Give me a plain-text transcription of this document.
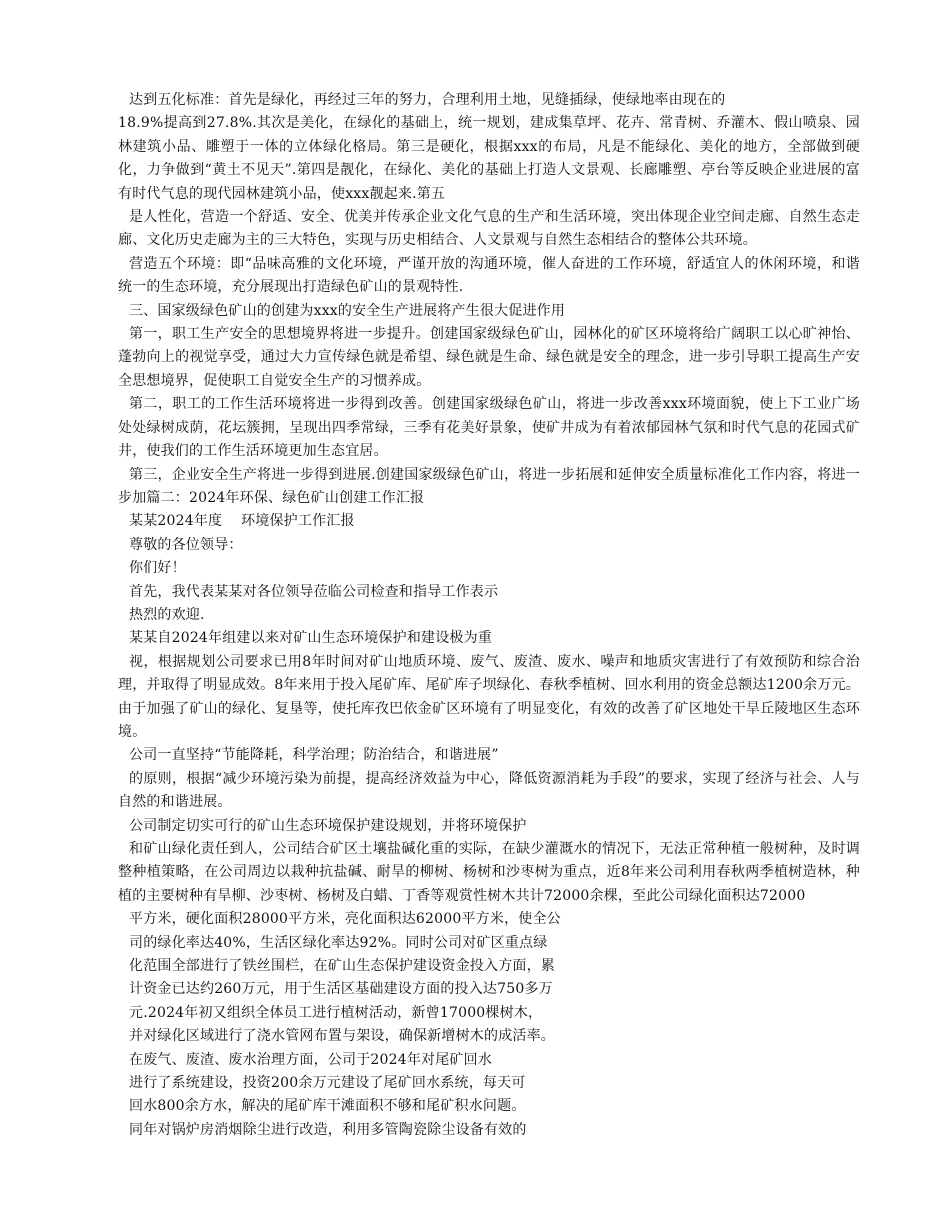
达到五化标准：首先是绿化，再经过三年的努力，合理利用土地，见缝插绿，使绿地率由现在的

18.9%提高到27.8%.其次是美化，在绿化的基础上，统一规划，建成集草坪、花卉、常青树、乔灌木、假山喷泉、园林建筑小品、雕塑于一体的立体绿化格局。第三是硬化，根据xxx的布局，凡是不能绿化、美化的地方，全部做到硬化，力争做到“黄土不见天”.第四是靓化，在绿化、美化的基础上打造人文景观、长廊雕塑、亭台等反映企业进展的富有时代气息的现代园林建筑小品，使xxx靓起来.第五

是人性化，营造一个舒适、安全、优美并传承企业文化气息的生产和生活环境，突出体现企业空间走廊、自然生态走廊、文化历史走廊为主的三大特色，实现与历史相结合、人文景观与自然生态相结合的整体公共环境。

营造五个环境：即“品味高雅的文化环境，严谨开放的沟通环境，催人奋进的工作环境，舒适宜人的休闲环境，和谐统一的生态环境，充分展现出打造绿色矿山的景观特性.

三、国家级绿色矿山的创建为xxx的安全生产进展将产生很大促进作用

第一，职工生产安全的思想境界将进一步提升。创建国家级绿色矿山，园林化的矿区环境将给广阔职工以心旷神怡、蓬勃向上的视觉享受，通过大力宣传绿色就是希望、绿色就是生命、绿色就是安全的理念，进一步引导职工提高生产安全思想境界，促使职工自觉安全生产的习惯养成。

第二，职工的工作生活环境将进一步得到改善。创建国家级绿色矿山，将进一步改善xxx环境面貌，使上下工业广场处处绿树成荫，花坛簇拥，呈现出四季常绿，三季有花美好景象，使矿井成为有着浓郁园林气氛和时代气息的花园式矿井，使我们的工作生活环境更加生态宜居。

第三，企业安全生产将进一步得到进展.创建国家级绿色矿山，将进一步拓展和延伸安全质量标准化工作内容，将进一步加篇二：2024年环保、绿色矿山创建工作汇报

某某2024年度　 环境保护工作汇报

尊敬的各位领导：

你们好！

首先，我代表某某对各位领导莅临公司检查和指导工作表示

热烈的欢迎.

某某自2024年组建以来对矿山生态环境保护和建设极为重

视，根据规划公司要求已用8年时间对矿山地质环境、废气、废渣、废水、噪声和地质灾害进行了有效预防和综合治理，并取得了明显成效。8年来用于投入尾矿库、尾矿库子坝绿化、春秋季植树、回水利用的资金总额达1200余万元。由于加强了矿山的绿化、复垦等，使托库孜巴依金矿区环境有了明显变化，有效的改善了矿区地处干旱丘陵地区生态环境。

公司一直坚持“节能降耗，科学治理；防治结合，和谐进展”

的原则，根据“减少环境污染为前提，提高经济效益为中心，降低资源消耗为手段”的要求，实现了经济与社会、人与自然的和谐进展。

公司制定切实可行的矿山生态环境保护建设规划，并将环境保护

和矿山绿化责任到人，公司结合矿区土壤盐碱化重的实际，在缺少灌溉水的情况下，无法正常种植一般树种，及时调整种植策略，在公司周边以栽种抗盐碱、耐旱的柳树、杨树和沙枣树为重点，近8年来公司利用春秋两季植树造林，种植的主要树种有旱柳、沙枣树、杨树及白蜡、丁香等观赏性树木共计72000余棵，至此公司绿化面积达72000

平方米，硬化面积28000平方米，亮化面积达62000平方米，使全公

司的绿化率达40%，生活区绿化率达92%。同时公司对矿区重点绿

化范围全部进行了铁丝围栏，在矿山生态保护建设资金投入方面，累

计资金已达约260万元，用于生活区基础建设方面的投入达750多万

元.2024年初又组织全体员工进行植树活动，新曾17000棵树木，

并对绿化区域进行了浇水管网布置与架设，确保新增树木的成活率。

在废气、废渣、废水治理方面，公司于2024年对尾矿回水

进行了系统建设，投资200余万元建设了尾矿回水系统，每天可

回水800余方水，解决的尾矿库干滩面积不够和尾矿积水问题。

同年对锅炉房消烟除尘进行改造，利用多管陶瓷除尘设备有效的
